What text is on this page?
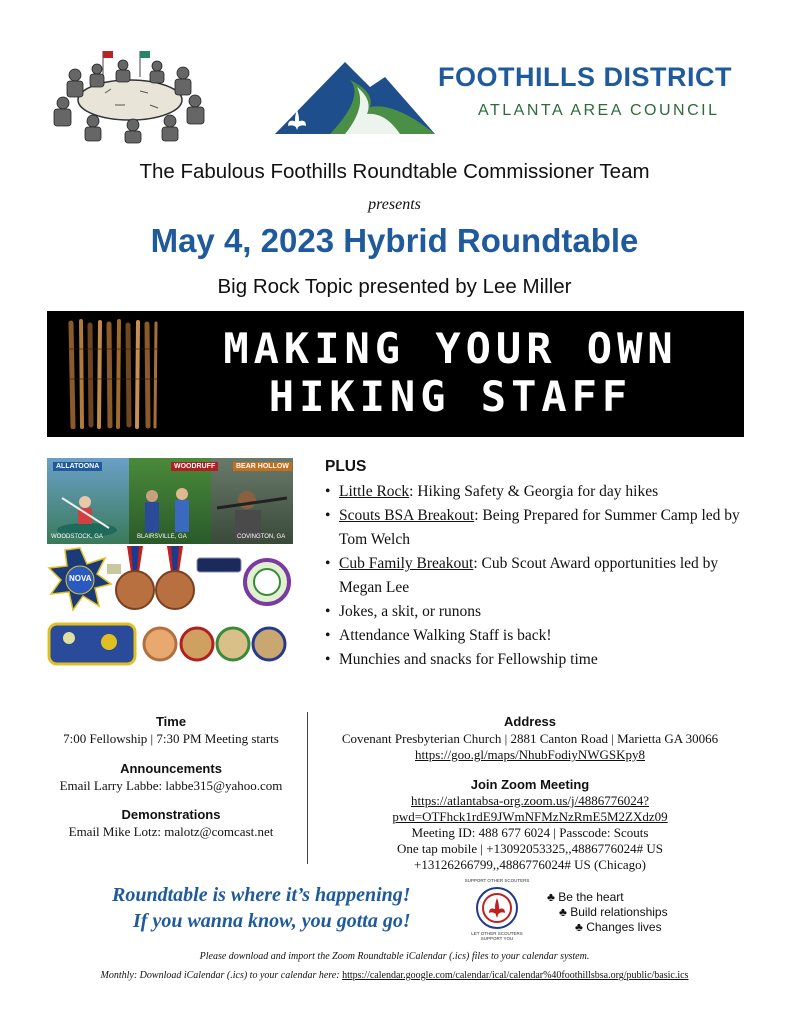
FOOTHILLS DISTRICT
ATLANTA AREA COUNCIL
The Fabulous Foothills Roundtable Commissioner Team
presents
May 4, 2023 Hybrid Roundtable
Big Rock Topic presented by Lee Miller
MAKING YOUR OWN
HIKING STAFF
ALLATOONA	WOODRUFF	BEAR HOLLOW
WOODSTOCK, GA	BLAIRSVILLE, GA	COVINGTON, GA
NOVA
PLUS
• Little Rock: Hiking Safety & Georgia for day hikes
• Scouts BSA Breakout: Being Prepared for Summer Camp led by Tom Welch
• Cub Family Breakout: Cub Scout Award opportunities led by Megan Lee
• Jokes, a skit, or runons
• Attendance Walking Staff is back!
• Munchies and snacks for Fellowship time
Time
7:00 Fellowship | 7:30 PM Meeting starts
Announcements
Email Larry Labbe: labbe315@yahoo.com
Demonstrations
Email Mike Lotz: malotz@comcast.net
Address
Covenant Presbyterian Church | 2881 Canton Road | Marietta GA 30066
https://goo.gl/maps/NhubFodiyNWGSKpy8
Join Zoom Meeting
https://atlantabsa-org.zoom.us/j/4886776024?
pwd=OTFhck1rdE9JWmNFMzNzRmE5M2ZXdz09
Meeting ID: 488 677 6024 | Passcode: Scouts
One tap mobile | +13092053325,,4886776024# US
+13126266799,,4886776024# US (Chicago)
Roundtable is where it’s happening!
If you wanna know, you gotta go!
SUPPORT OTHER SCOUTERS
LET OTHER SCOUTERS SUPPORT YOU
♣ Be the heart
♣ Build relationships
♣ Changes lives
Please download and import the Zoom Roundtable iCalendar (.ics) files to your calendar system.
Monthly: Download iCalendar (.ics) to your calendar here: https://calendar.google.com/calendar/ical/calendar%40foothillsbsa.org/public/basic.ics
